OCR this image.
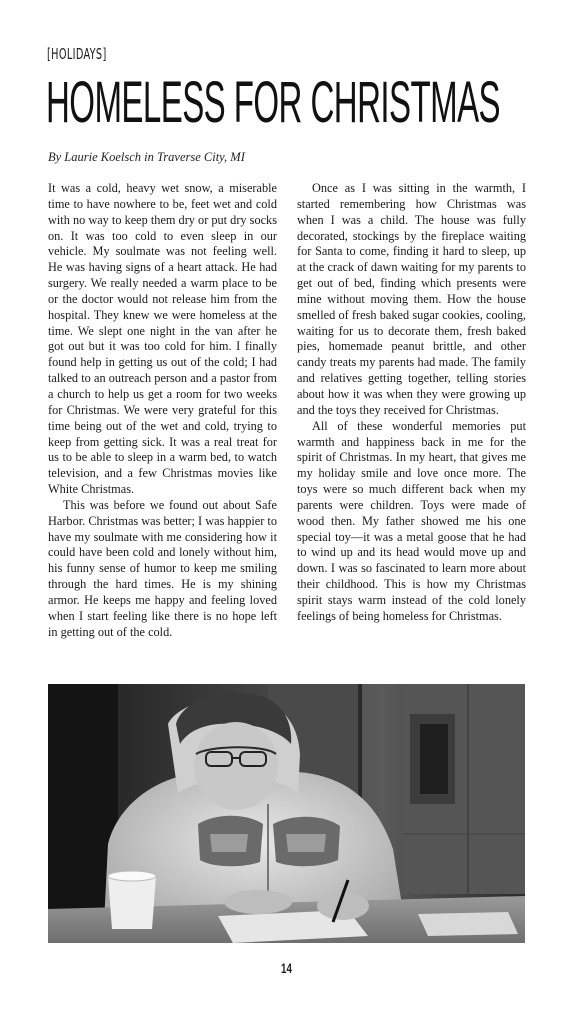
[HOLIDAYS]
HOMELESS FOR CHRISTMAS
By Laurie Koelsch in Traverse City, MI

It was a cold, heavy wet snow, a miserable time to have nowhere to be, feet wet and cold with no way to keep them dry or put dry socks on. It was too cold to even sleep in our vehicle. My soulmate was not feeling well. He was having signs of a heart attack. He had surgery. We really needed a warm place to be or the doctor would not release him from the hospital. They knew we were homeless at the time. We slept one night in the van after he got out but it was too cold for him. I finally found help in getting us out of the cold; I had talked to an outreach person and a pastor from a church to help us get a room for two weeks for Christmas. We were very grateful for this time being out of the wet and cold, trying to keep from getting sick. It was a real treat for us to be able to sleep in a warm bed, to watch television, and a few Christmas movies like White Christmas.

This was before we found out about Safe Harbor. Christmas was better; I was happier to have my soulmate with me considering how it could have been cold and lonely without him, his funny sense of humor to keep me smiling through the hard times. He is my shining armor. He keeps me happy and feeling loved when I start feeling like there is no hope left in getting out of the cold.

Once as I was sitting in the warmth, I started remembering how Christmas was when I was a child. The house was fully decorated, stockings by the fireplace waiting for Santa to come, finding it hard to sleep, up at the crack of dawn waiting for my parents to get out of bed, finding which presents were mine without moving them. How the house smelled of fresh baked sugar cookies, cooling, waiting for us to decorate them, fresh baked pies, homemade peanut brittle, and other candy treats my parents had made. The family and relatives getting together, telling stories about how it was when they were growing up and the toys they received for Christmas.

All of these wonderful memories put warmth and happiness back in me for the spirit of Christmas. In my heart, that gives me my holiday smile and love once more. The toys were so much different back when my parents were children. Toys were made of wood then. My father showed me his one special toy—it was a metal goose that he had to wind up and its head would move up and down. I was so fascinated to learn more about their childhood. This is how my Christmas spirit stays warm instead of the cold lonely feelings of being homeless for Christmas.

14
